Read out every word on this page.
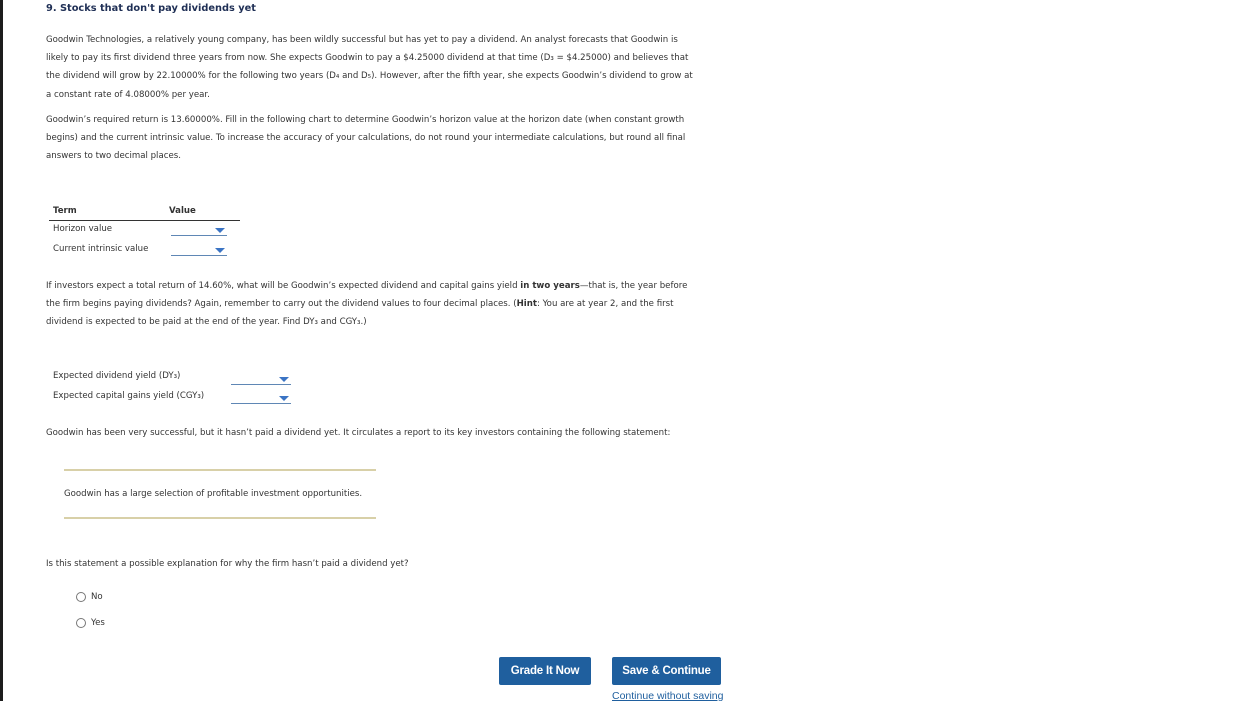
9. Stocks that don't pay dividends yet
Goodwin Technologies, a relatively young company, has been wildly successful but has yet to pay a dividend. An analyst forecasts that Goodwin is
likely to pay its first dividend three years from now. She expects Goodwin to pay a $4.25000 dividend at that time (D₃ = $4.25000) and believes that
the dividend will grow by 22.10000% for the following two years (D₄ and D₅). However, after the fifth year, she expects Goodwin’s dividend to grow at
a constant rate of 4.08000% per year.
Goodwin’s required return is 13.60000%. Fill in the following chart to determine Goodwin’s horizon value at the horizon date (when constant growth
begins) and the current intrinsic value. To increase the accuracy of your calculations, do not round your intermediate calculations, but round all final
answers to two decimal places.
Term	Value
Horizon value
Current intrinsic value
If investors expect a total return of 14.60%, what will be Goodwin’s expected dividend and capital gains yield in two years—that is, the year before
the firm begins paying dividends? Again, remember to carry out the dividend values to four decimal places. (Hint: You are at year 2, and the first
dividend is expected to be paid at the end of the year. Find DY₃ and CGY₃.)
Expected dividend yield (DY₃)
Expected capital gains yield (CGY₃)
Goodwin has been very successful, but it hasn’t paid a dividend yet. It circulates a report to its key investors containing the following statement:
Goodwin has a large selection of profitable investment opportunities.
Is this statement a possible explanation for why the firm hasn’t paid a dividend yet?
No
Yes
Grade It Now	Save & Continue
Continue without saving
